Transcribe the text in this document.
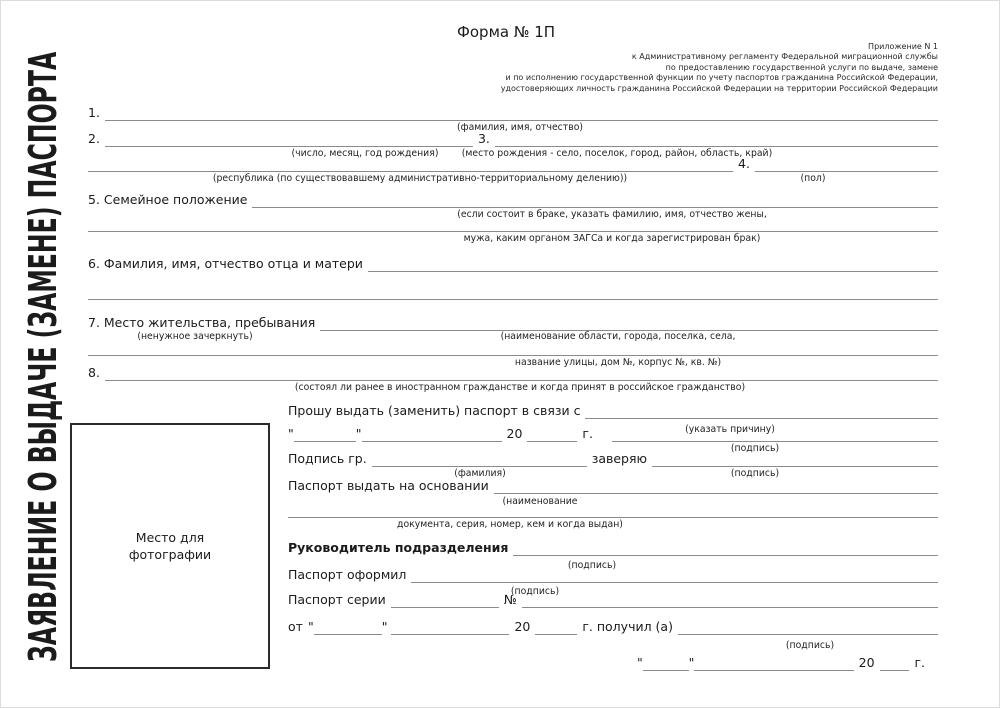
Форма № 1П
Приложение N 1
к Административному регламенту Федеральной миграционной службы
по предоставлению государственной услуги по выдаче, замене
и по исполнению государственной функции по учету паспортов гражданина Российской Федерации,
удостоверяющих личность гражданина Российской Федерации на территории Российской Федерации
ЗАЯВЛЕНИЕ О ВЫДАЧЕ (ЗАМЕНЕ) ПАСПОРТА	Место для фотографии
1.
(фамилия, имя, отчество)
2.	3.
(число, месяц, год рождения)	(место рождения - село, поселок, город, район, область, край)
4.
(республика (по существовавшему административно-территориальному делению))	(пол)
5. Семейное положение
(если состоит в браке, указать фамилию, имя, отчество жены,
мужа, каким органом ЗАГСа и когда зарегистрирован брак)
6. Фамилия, имя, отчество отца и матери
7. Место жительства, пребывания
(ненужное зачеркнуть)	(наименование области, города, поселка, села,
название улицы, дом №, корпус №, кв. №)
8.
(состоял ли ранее в иностранном гражданстве и когда принят в российское гражданство)
Прошу выдать (заменить) паспорт в связи с
(указать причину)
"	"	20	г.
(подпись)
Подпись гр.	заверяю
(фамилия)	(подпись)
Паспорт выдать на основании
(наименование
документа, серия, номер, кем и когда выдан)
Руководитель подразделения
(подпись)
Паспорт оформил
(подпись)
Паспорт серии	№
от "	"	20	г. получил (а)
(подпись)
"	"	20	г.
